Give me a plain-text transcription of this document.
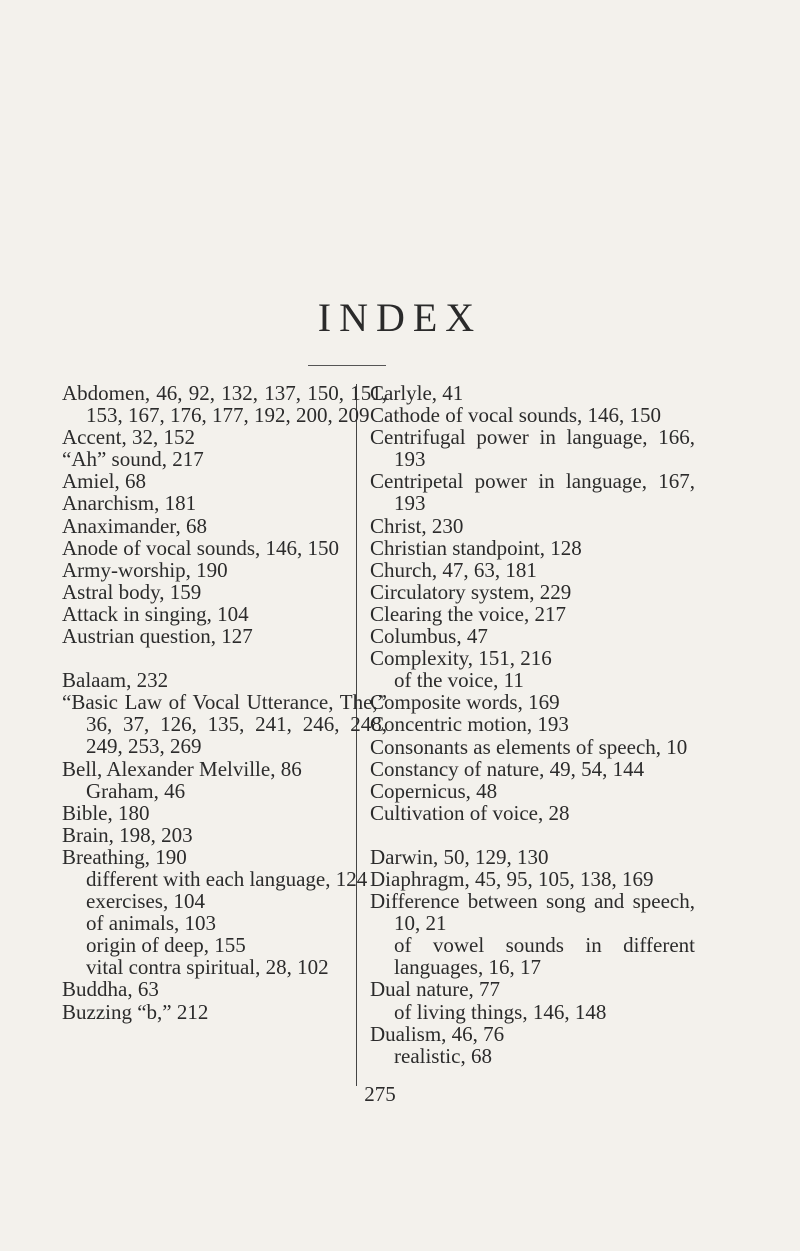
INDEX

Abdomen, 46, 92, 132, 137, 150, 151, 153, 167, 176, 177, 192, 200, 209

Accent, 32, 152

“Ah” sound, 217

Amiel, 68

Anarchism, 181

Anaximander, 68

Anode of vocal sounds, 146, 150

Army-worship, 190

Astral body, 159

Attack in singing, 104

Austrian question, 127

Balaam, 232

“Basic Law of Vocal Utterance, The,” 36, 37, 126, 135, 241, 246, 248, 249, 253, 269

Bell, Alexander Melville, 86

Graham, 46

Bible, 180

Brain, 198, 203

Breathing, 190

different with each language, 124

exercises, 104

of animals, 103

origin of deep, 155

vital contra spiritual, 28, 102

Buddha, 63

Buzzing “b,” 212

Carlyle, 41

Cathode of vocal sounds, 146, 150

Centrifugal power in language, 166, 193

Centripetal power in language, 167, 193

Christ, 230

Christian standpoint, 128

Church, 47, 63, 181

Circulatory system, 229

Clearing the voice, 217

Columbus, 47

Complexity, 151, 216

of the voice, 11

Composite words, 169

Concentric motion, 193

Consonants as elements of speech, 10

Constancy of nature, 49, 54, 144

Copernicus, 48

Cultivation of voice, 28

Darwin, 50, 129, 130

Diaphragm, 45, 95, 105, 138, 169

Difference between song and speech, 10, 21

of vowel sounds in different languages, 16, 17

Dual nature, 77

of living things, 146, 148

Dualism, 46, 76

realistic, 68

275
